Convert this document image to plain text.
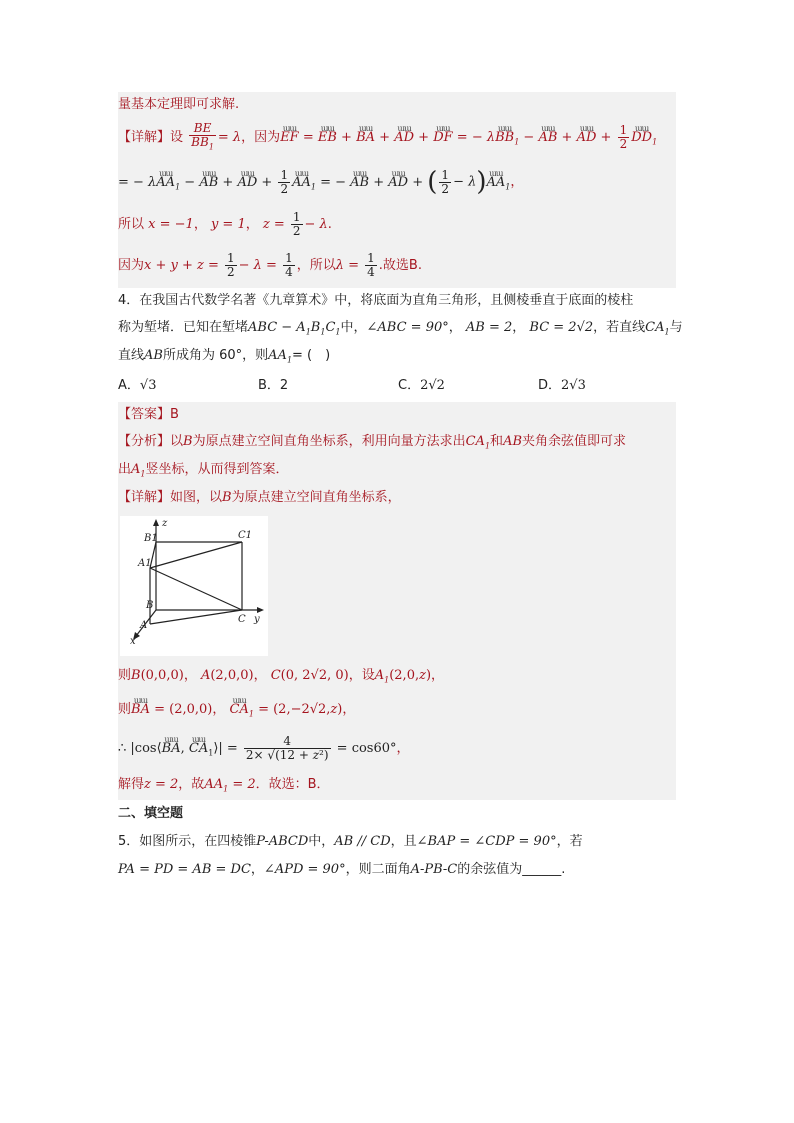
量基本定理即可求解.
【详解】设 $\frac{BE}{BB_1} = \lambda$，因为ɯɯ EF = ɯɯ EB + ɯɯ BA + ɯɯ AD + ɯɯ DF = − λɯɯ $BB_1$ − ɯɯ AB + ɯɯ AD + $\frac{1}{2}$ ɯɯ $DD_1$
= − λɯɯ $AA_1$ − ɯɯ AB + ɯɯ AD + $\frac{1}{2}$ ɯɯ $AA_1$ = − ɯɯ AB + ɯɯ AD + ( $\frac{1}{2}$ − λ)ɯɯ $AA_1$，
所以 x = −1， y = 1， $z = \frac{1}{2} - \lambda$.
因为$x + y + z = \frac{1}{2} - \lambda = \frac{1}{4}$ ，所以$\lambda = \frac{1}{4}$ .故选B.
4．在我国古代数学名著《九章算术》中，将底面为直角三角形，且侧棱垂直于底面的棱柱
称为堑堵．已知在堑堵ABC − $A_1B_1C_1$中，∠ABC = 90°， AB = 2， BC = 2√2，若直线$CA_1$与
直线AB所成角为 60°，则$AA_1=$ (　)
A．√3	B．2	C．2√2	D．2√3
【答案】B
【分析】以B为原点建立空间直角坐标系，利用向量方法求出$CA_1$和AB夹角余弦值即可求
出$A_1$竖坐标，从而得到答案．
【详解】如图，以B为原点建立空间直角坐标系，
z
B1	C1
A1
B
C y
A
x
则B(0,0,0)， A(2,0,0)， C(0, 2√2, 0)，设$A_1(2,0,z)$，
则ɯɯ BA = (2,0,0)， ɯɯ $CA_1 = (2,-2√2,z)$，
∴ |cos⟨ɯɯ BA, ɯɯ $CA_1⟩| = \frac{4}{\text{2× √(12 + z²)}} = \cos 60^\circ$，
解得z = 2，故$AA_1 = 2$．故选：B．
二、填空题
5．如图所示，在四棱锥P-ABCD中，AB // CD，且∠BAP = ∠CDP = 90°，若
PA = PD = AB = DC，∠APD = 90°，则二面角A-PB-C的余弦值为______.
